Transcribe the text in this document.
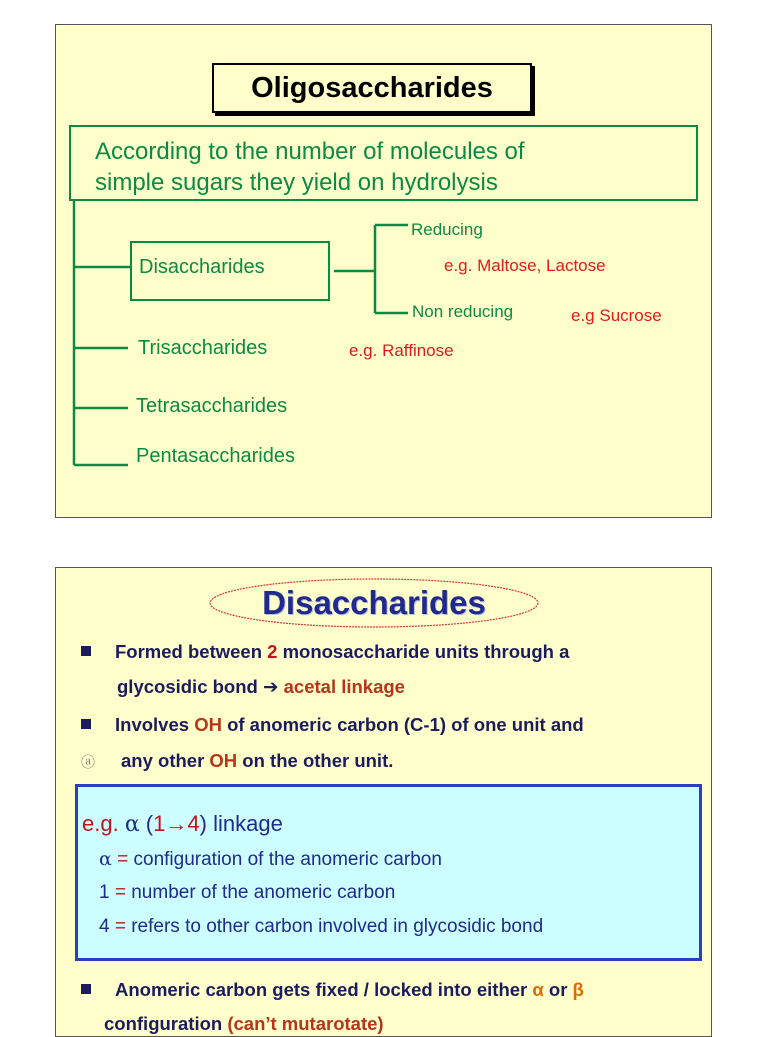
Oligosaccharides
According to the number of molecules of
simple sugars they yield on hydrolysis
Disaccharides
Reducing
e.g. Maltose, Lactose
Non reducing	e.g Sucrose
Trisaccharides	e.g. Raffinose
Tetrasaccharides
Pentasaccharides
Disaccharides
Formed between 2 monosaccharide units through a
glycosidic bond ➔ acetal linkage
Involves OH of anomeric carbon (C-1) of one unit and
ⓐ any other OH on the other unit.
e.g. α (1→4) linkage
α = configuration of the anomeric carbon
1 = number of the anomeric carbon
4 = refers to other carbon involved in glycosidic bond
Anomeric carbon gets fixed / locked into either α or β
configuration (can’t mutarotate)
